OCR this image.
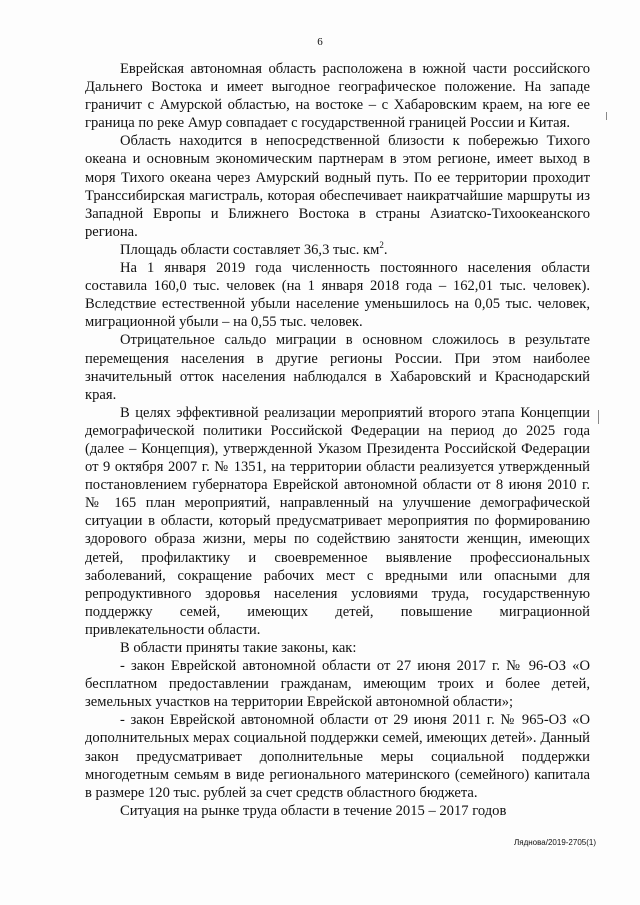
6

Еврейская автономная область расположена в южной части российского Дальнего Востока и имеет выгодное географическое положение. На западе граничит с Амурской областью, на востоке – с Хабаровским краем, на юге ее граница по реке Амур совпадает с государственной границей России и Китая.

Область находится в непосредственной близости к побережью Тихого океана и основным экономическим партнерам в этом регионе, имеет выход в моря Тихого океана через Амурский водный путь. По ее территории проходит Транссибирская магистраль, которая обеспечивает наикратчайшие маршруты из Западной Европы и Ближнего Востока в страны Азиатско-Тихоокеанского региона.

Площадь области составляет 36,3 тыс. $км^2$.

На 1 января 2019 года численность постоянного населения области составила 160,0 тыс. человек (на 1 января 2018 года – 162,01 тыс. человек). Вследствие естественной убыли население уменьшилось на 0,05 тыс. человек, миграционной убыли – на 0,55 тыс. человек.

Отрицательное сальдо миграции в основном сложилось в результате перемещения населения в другие регионы России. При этом наиболее значительный отток населения наблюдался в Хабаровский и Краснодарский края.

В целях эффективной реализации мероприятий второго этапа Концепции демографической политики Российской Федерации на период до 2025 года (далее – Концепция), утвержденной Указом Президента Российской Федерации от 9 октября 2007 г. № 1351, на территории области реализуется утвержденный постановлением губернатора Еврейской автономной области от 8 июня 2010 г. № 165 план мероприятий, направленный на улучшение демографической ситуации в области, который предусматривает мероприятия по формированию здорового образа жизни, меры по содействию занятости женщин, имеющих детей, профилактику и своевременное выявление профессиональных заболеваний, сокращение рабочих мест с вредными или опасными для репродуктивного здоровья населения условиями труда, государственную поддержку семей, имеющих детей, повышение миграционной привлекательности области.

В области приняты такие законы, как:

- закон Еврейской автономной области от 27 июня 2017 г. № 96-ОЗ «О бесплатном предоставлении гражданам, имеющим троих и более детей, земельных участков на территории Еврейской автономной области»;

- закон Еврейской автономной области от 29 июня 2011 г. № 965-ОЗ «О дополнительных мерах социальной поддержки семей, имеющих детей». Данный закон предусматривает дополнительные меры социальной поддержки многодетным семьям в виде регионального материнского (семейного) капитала в размере 120 тыс. рублей за счет средств областного бюджета.

Ситуация на рынке труда области в течение 2015 – 2017 годов

Ляднова/2019-2705(1)
